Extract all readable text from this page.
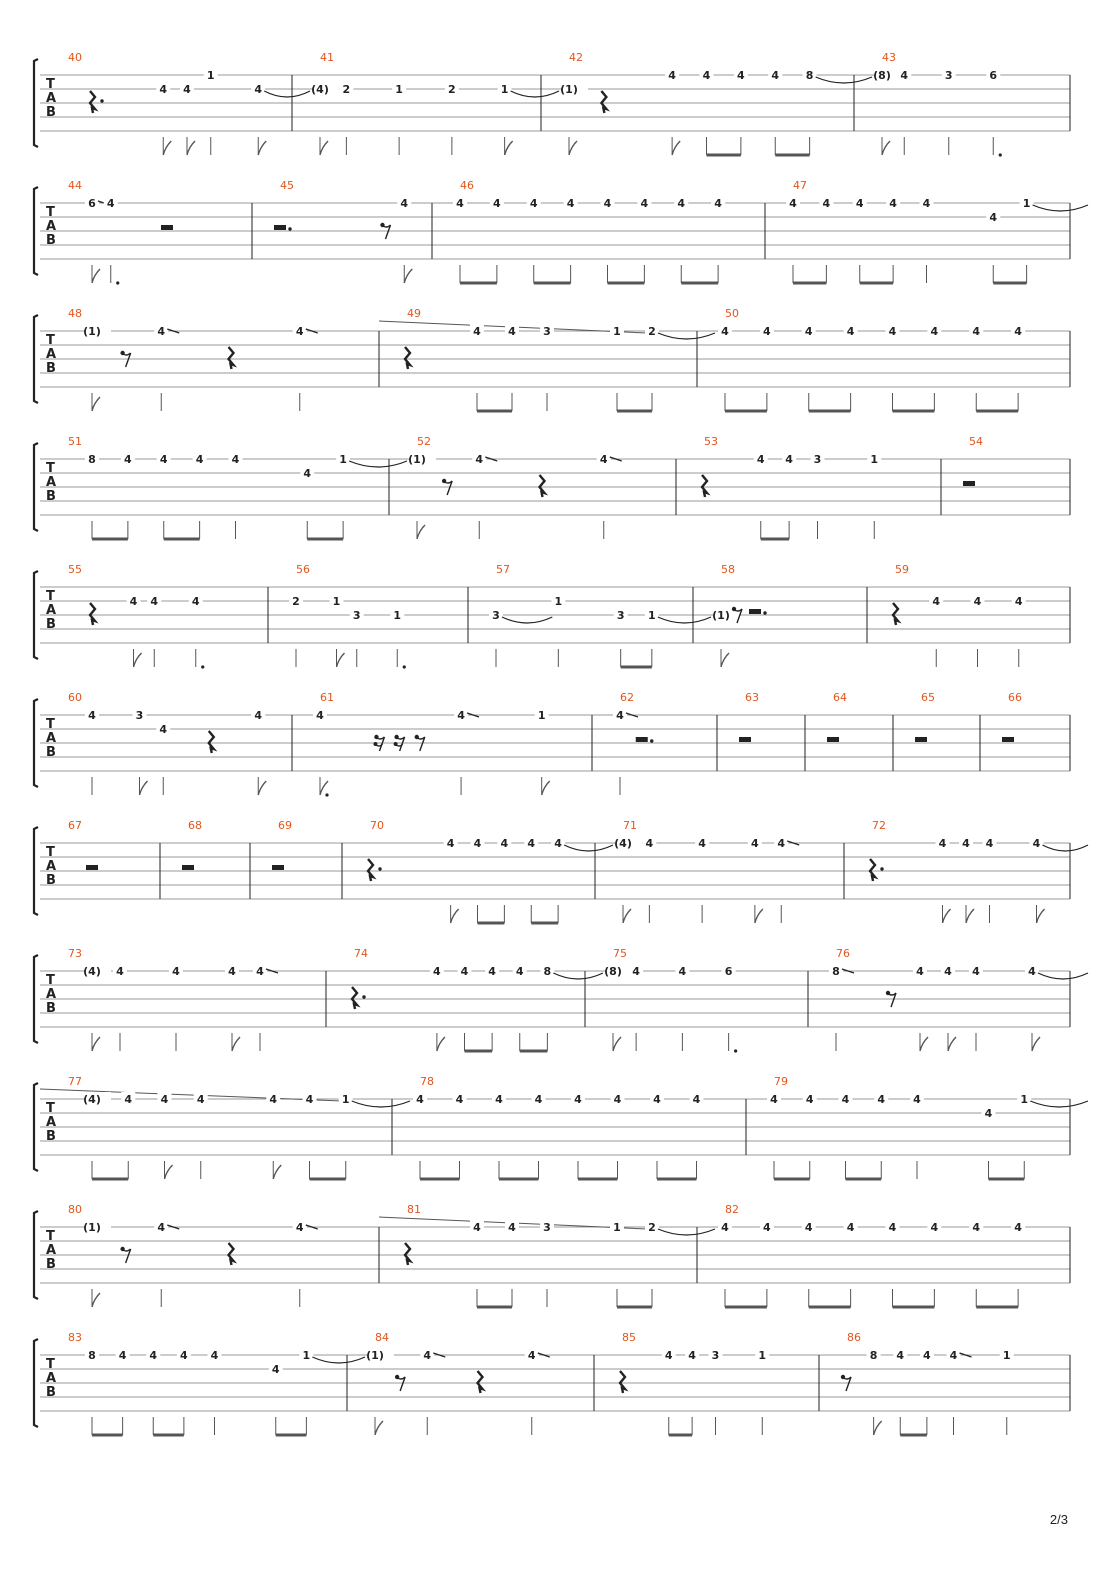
T
A
B
40
4 4
1
4
41
(4) 2	1	2	1
42
(1)
4 4 4 4 8
43
(8) 4	3	6
T
A
B
44
6 4
45
4
46
4	4	4	4	4	4	4	4
47
4 4 4 4 4
4
1
T
A
B
48
(1)	4	4
49
4 4 3	1 2
50
4	4	4	4	4	4	4	4
T
A
B
51
8	4	4	4	4
4
1
52
(1)	4	4
53
4 4 3	1
54
T
A
B
55
4 4	4
56
2	1
3	1
57
3
1
3 1
58
(1)
59
4	4	4
T
A
B
60
4	3
4
4
61
4	4	1
62
4
63	64	65	66
T
A
B
67	68	69	70
4 4 4 4 4
71
(4) 4	4	4 4
72
4 4 4	4
T
A
B
73
(4) 4	4	4 4
74
4 4 4 4 8
75
(8) 4	4	6
76
8	4 4 4	4
T
A
B
77
(4) 4	4	4	4	4	1
78
4	4	4	4	4	4	4	4
79
4	4	4	4	4
4
1
T
A
B
80
(1)	4	4
81
4 4 3	1 2
82
4	4	4	4	4	4	4	4
T
A
B
83
8 4 4 4 4
4
1
84
(1)	4	4
85
4 4 3	1
86
8 4 4 4	1
2/3
